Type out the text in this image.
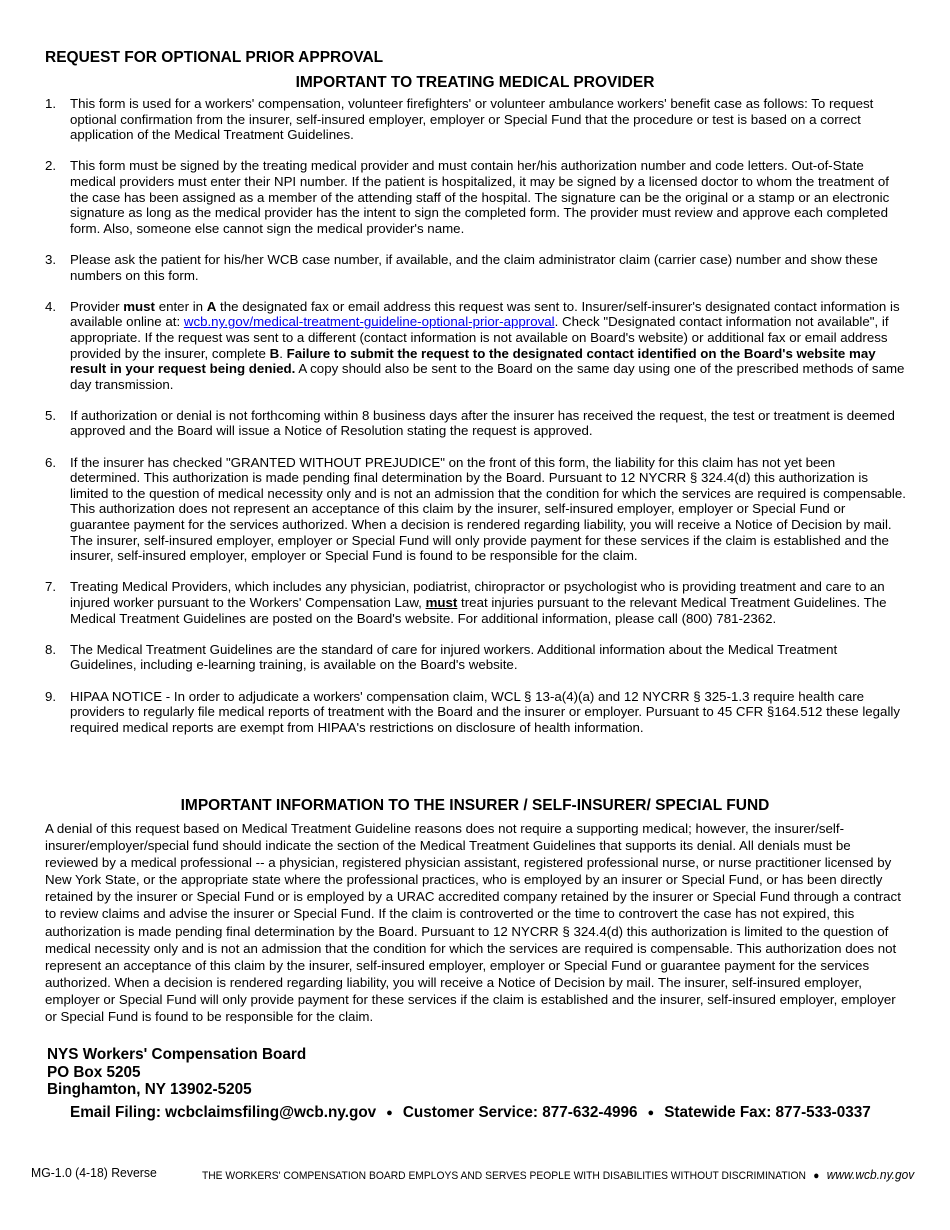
REQUEST FOR OPTIONAL PRIOR APPROVAL
IMPORTANT TO TREATING MEDICAL PROVIDER
1.	This form is used for a workers' compensation, volunteer firefighters' or volunteer ambulance workers' benefit case as follows: To request optional confirmation from the insurer, self-insured employer, employer or Special Fund that the procedure or test is based on a correct application of the Medical Treatment Guidelines.
2.	This form must be signed by the treating medical provider and must contain her/his authorization number and code letters. Out-of-State medical providers must enter their NPI number. If the patient is hospitalized, it may be signed by a licensed doctor to whom the treatment of the case has been assigned as a member of the attending staff of the hospital. The signature can be the original or a stamp or an electronic signature as long as the medical provider has the intent to sign the completed form. The provider must review and approve each completed form. Also, someone else cannot sign the medical provider's name.
3.	Please ask the patient for his/her WCB case number, if available, and the claim administrator claim (carrier case) number and show these numbers on this form.
4.	Provider must enter in A the designated fax or email address this request was sent to. Insurer/self-insurer's designated contact information is available online at: wcb.ny.gov/medical-treatment-guideline-optional-prior-approval. Check "Designated contact information not available", if appropriate. If the request was sent to a different (contact information is not available on Board's website) or additional fax or email address provided by the insurer, complete B. Failure to submit the request to the designated contact identified on the Board's website may result in your request being denied. A copy should also be sent to the Board on the same day using one of the prescribed methods of same day transmission.
5.	If authorization or denial is not forthcoming within 8 business days after the insurer has received the request, the test or treatment is deemed approved and the Board will issue a Notice of Resolution stating the request is approved.
6.	If the insurer has checked "GRANTED WITHOUT PREJUDICE" on the front of this form, the liability for this claim has not yet been determined. This authorization is made pending final determination by the Board. Pursuant to 12 NYCRR § 324.4(d) this authorization is limited to the question of medical necessity only and is not an admission that the condition for which the services are required is compensable. This authorization does not represent an acceptance of this claim by the insurer, self-insured employer, employer or Special Fund or guarantee payment for the services authorized. When a decision is rendered regarding liability, you will receive a Notice of Decision by mail. The insurer, self-insured employer, employer or Special Fund will only provide payment for these services if the claim is established and the insurer, self-insured employer, employer or Special Fund is found to be responsible for the claim.
7.	Treating Medical Providers, which includes any physician, podiatrist, chiropractor or psychologist who is providing treatment and care to an injured worker pursuant to the Workers' Compensation Law, must treat injuries pursuant to the relevant Medical Treatment Guidelines. The Medical Treatment Guidelines are posted on the Board's website. For additional information, please call (800) 781-2362.
8.	The Medical Treatment Guidelines are the standard of care for injured workers. Additional information about the Medical Treatment Guidelines, including e-learning training, is available on the Board's website.
9.	HIPAA NOTICE - In order to adjudicate a workers' compensation claim, WCL § 13-a(4)(a) and 12 NYCRR § 325-1.3 require health care providers to regularly file medical reports of treatment with the Board and the insurer or employer. Pursuant to 45 CFR §164.512 these legally required medical reports are exempt from HIPAA's restrictions on disclosure of health information.
IMPORTANT INFORMATION TO THE INSURER / SELF-INSURER/ SPECIAL FUND

A denial of this request based on Medical Treatment Guideline reasons does not require a supporting medical; however, the insurer/self-insurer/employer/special fund should indicate the section of the Medical Treatment Guidelines that supports its denial. All denials must be reviewed by a medical professional -- a physician, registered physician assistant, registered professional nurse, or nurse practitioner licensed by New York State, or the appropriate state where the professional practices, who is employed by an insurer or Special Fund, or has been directly retained by the insurer or Special Fund or is employed by a URAC accredited company retained by the insurer or Special Fund through a contract to review claims and advise the insurer or Special Fund. If the claim is controverted or the time to controvert the case has not expired, this authorization is made pending final determination by the Board. Pursuant to 12 NYCRR § 324.4(d) this authorization is limited to the question of medical necessity only and is not an admission that the condition for which the services are required is compensable. This authorization does not represent an acceptance of this claim by the insurer, self-insured employer, employer or Special Fund or guarantee payment for the services authorized. When a decision is rendered regarding liability, you will receive a Notice of Decision by mail. The insurer, self-insured employer, employer or Special Fund will only provide payment for these services if the claim is established and the insurer, self-insured employer, employer or Special Fund is found to be responsible for the claim.

NYS Workers' Compensation Board
PO Box 5205
Binghamton, NY 13902-5205
Email Filing: wcbclaimsfiling@wcb.ny.gov ● Customer Service: 877-632-4996 ● Statewide Fax: 877-533-0337
MG-1.0 (4-18) Reverse	THE WORKERS' COMPENSATION BOARD EMPLOYS AND SERVES PEOPLE WITH DISABILITIES WITHOUT DISCRIMINATION ● www.wcb.ny.gov
